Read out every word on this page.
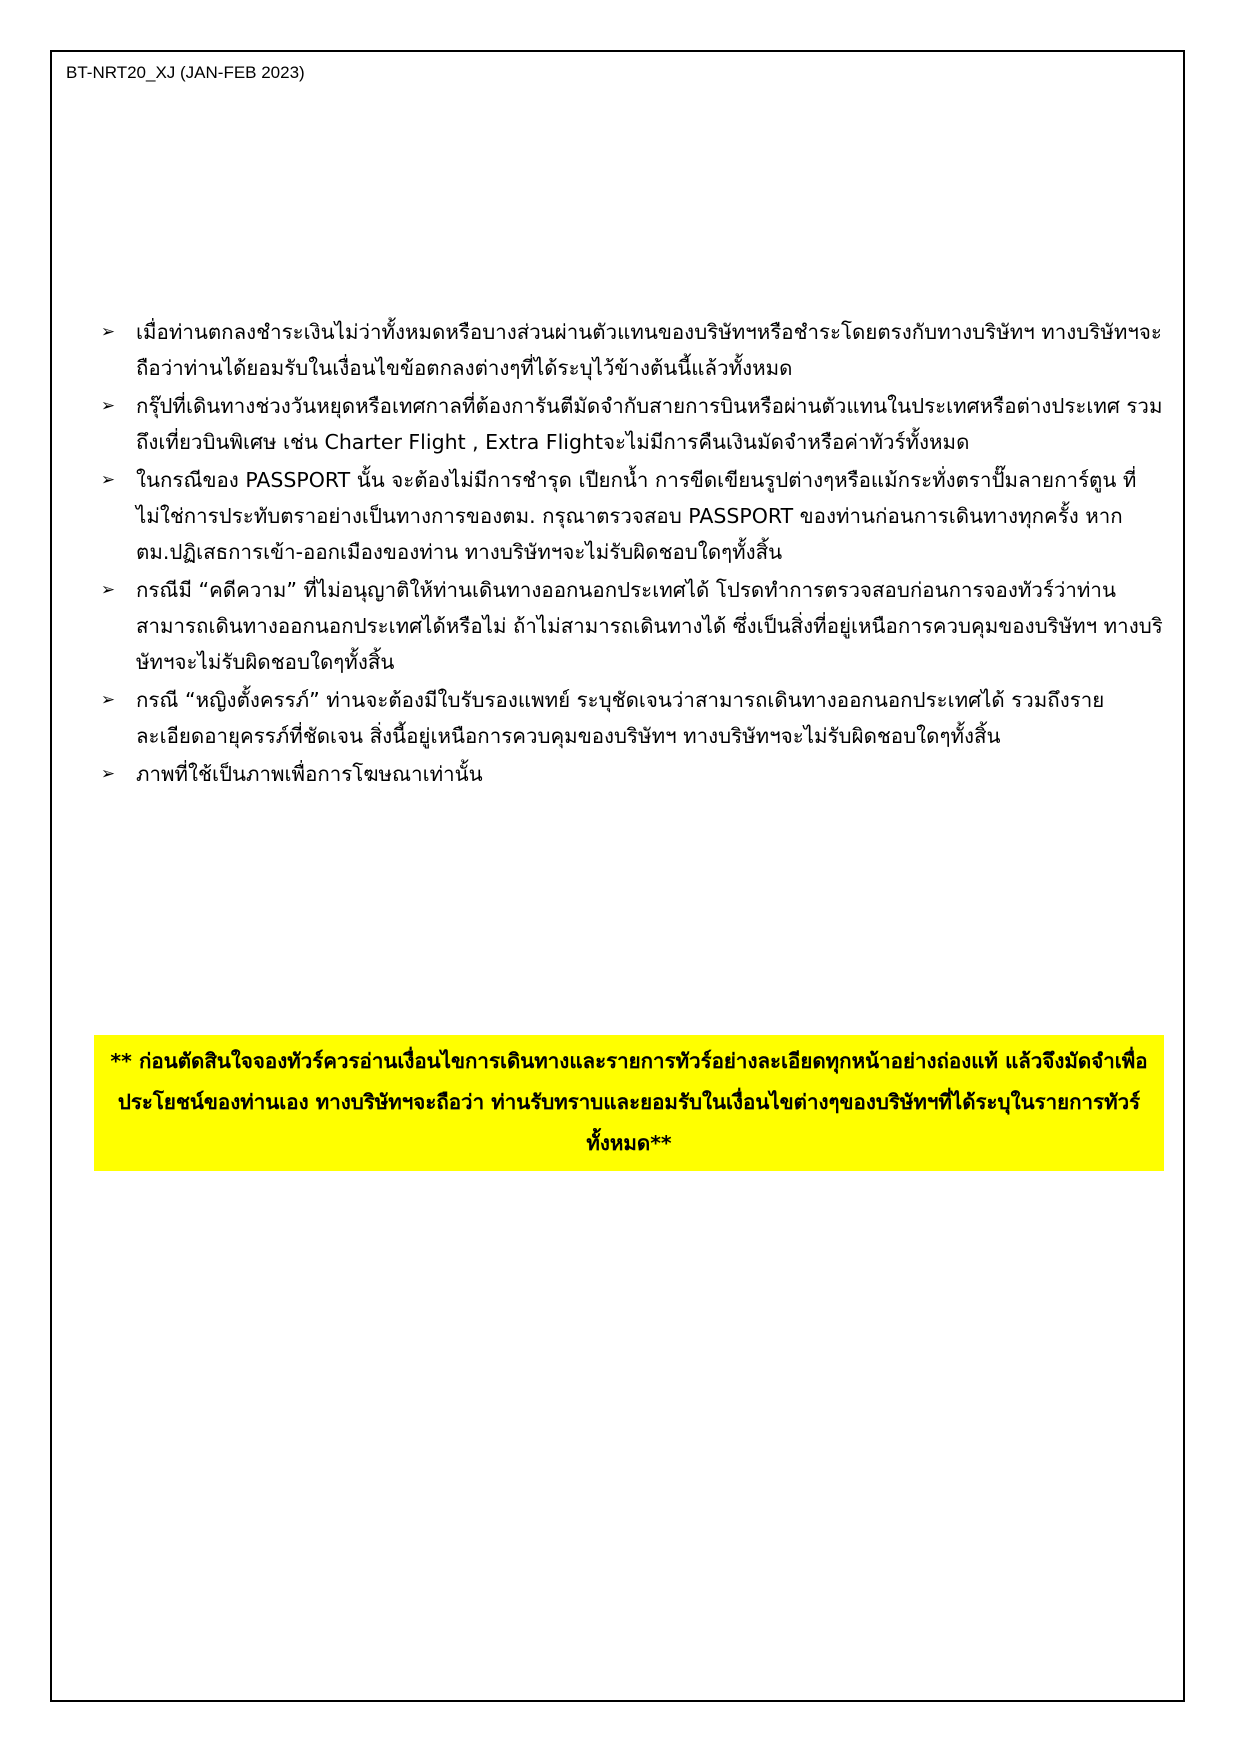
BT-NRT20_XJ (JAN-FEB 2023)
➢ เมื่อท่านตกลงชำระเงินไม่ว่าทั้งหมดหรือบางส่วนผ่านตัวแทนของบริษัทฯหรือชำระโดยตรงกับทางบริษัทฯ ทางบริษัทฯจะถือว่าท่านได้ยอมรับในเงื่อนไขข้อตกลงต่างๆที่ได้ระบุไว้ข้างต้นนี้แล้วทั้งหมด
➢ กรุ๊ปที่เดินทางช่วงวันหยุดหรือเทศกาลที่ต้องการันตีมัดจำกับสายการบินหรือผ่านตัวแทนในประเทศหรือต่างประเทศ รวมถึงเที่ยวบินพิเศษ เช่น Charter Flight , Extra Flightจะไม่มีการคืนเงินมัดจำหรือค่าทัวร์ทั้งหมด
➢ ในกรณีของ PASSPORT นั้น จะต้องไม่มีการชำรุด เปียกน้ำ การขีดเขียนรูปต่างๆหรือแม้กระทั่งตราปั๊มลายการ์ตูน ที่ไม่ใช่การประทับตราอย่างเป็นทางการของตม. กรุณาตรวจสอบ PASSPORT ของท่านก่อนการเดินทางทุกครั้ง หาก ตม.ปฏิเสธการเข้า-ออกเมืองของท่าน ทางบริษัทฯจะไม่รับผิดชอบใดๆทั้งสิ้น
➢ กรณีมี “คดีความ” ที่ไม่อนุญาติให้ท่านเดินทางออกนอกประเทศได้ โปรดทำการตรวจสอบก่อนการจองทัวร์ว่าท่านสามารถเดินทางออกนอกประเทศได้หรือไม่ ถ้าไม่สามารถเดินทางได้ ซึ่งเป็นสิ่งที่อยู่เหนือการควบคุมของบริษัทฯ ทางบริษัทฯจะไม่รับผิดชอบใดๆทั้งสิ้น
➢ กรณี “หญิงตั้งครรภ์” ท่านจะต้องมีใบรับรองแพทย์ ระบุชัดเจนว่าสามารถเดินทางออกนอกประเทศได้ รวมถึงรายละเอียดอายุครรภ์ที่ชัดเจน สิ่งนี้อยู่เหนือการควบคุมของบริษัทฯ ทางบริษัทฯจะไม่รับผิดชอบใดๆทั้งสิ้น
➢ ภาพที่ใช้เป็นภาพเพื่อการโฆษณาเท่านั้น
** ก่อนตัดสินใจจองทัวร์ควรอ่านเงื่อนไขการเดินทางและรายการทัวร์อย่างละเอียดทุกหน้าอย่างถ่องแท้ แล้วจึงมัดจำเพื่อประโยชน์ของท่านเอง ทางบริษัทฯจะถือว่า ท่านรับทราบและยอมรับในเงื่อนไขต่างๆของบริษัทฯที่ได้ระบุในรายการทัวร์ทั้งหมด**
